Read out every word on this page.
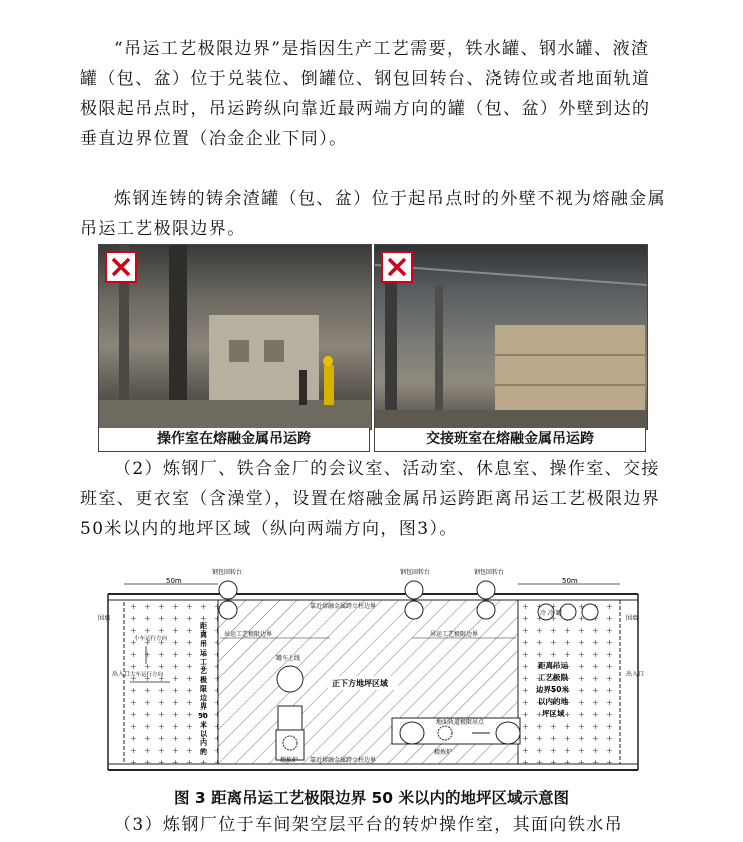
“吊运工艺极限边界”是指因生产工艺需要，铁水罐、钢水罐、液渣罐（包、盆）位于兑装位、倒罐位、钢包回转台、浇铸位或者地面轨道极限起吊点时，吊运跨纵向靠近最两端方向的罐（包、盆）外壁到达的垂直边界位置（冶金企业下同）。
炼钢连铸的铸余渣罐（包、盆）位于起吊点时的外壁不视为熔融金属吊运工艺极限边界。
操作室在熔融金属吊运跨	交接班室在熔融金属吊运跨
（2）炼钢厂、铁合金厂的会议室、活动室、休息室、操作室、交接班室、更衣室（含澡堂），设置在熔融金属吊运跨距离吊运工艺极限边界50米以内的地坪区域（纵向两端方向，图3）。
50m	50m
钢包回转台	钢包回转台	钢包回转台
靠近熔融金属跨立柱边界
靠近熔融金属跨立柱边界
吊运工艺极限边界	吊运工艺极限边界
正下方地坪区域
罐车上线
精炼炉
地面轨道极限吊点
精炼炉
距 离 吊 运 工 艺 极 限 边 界 50 米 以 内 的
小车运行方向
大车运行方向
距离吊运 工艺极限 边界50米 以内的地 坪区域
冷 冷 罐
围墙	围墙
出入口	出入口
图 3 距离吊运工艺极限边界 50 米以内的地坪区域示意图
（3）炼钢厂位于车间架空层平台的转炉操作室，其面向铁水吊
